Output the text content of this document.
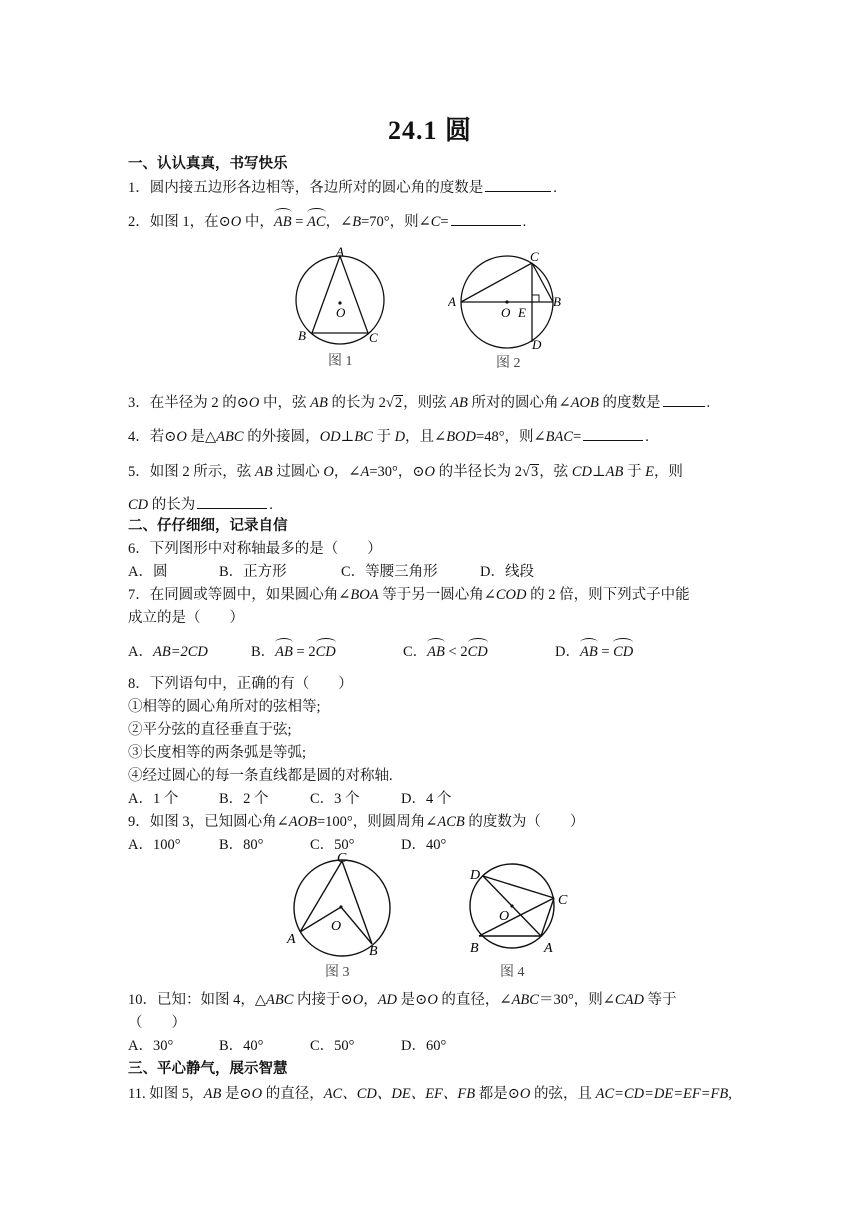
24.1 圆
一、认认真真，书写快乐
1．圆内接五边形各边相等，各边所对的圆心角的度数是	.
2．如图 1，在⊙O 中，AB = AC，∠B=70°，则∠C=	.
A
B	C
O
图 1
A	B
C
D
E
O
图 2
3．在半径为 2 的⊙O 中，弦 AB 的长为 2√2，则弦 AB 所对的圆心角∠AOB 的度数是	.
4．若⊙O 是△ABC 的外接圆，OD⊥BC 于 D，且∠BOD=48°，则∠BAC=	.
5．如图 2 所示，弦 AB 过圆心 O，∠A=30°，⊙O 的半径长为 2√3，弦 CD⊥AB 于 E，则
CD 的长为	.
二、仔仔细细，记录自信
6．下列图形中对称轴最多的是（　　）
A．圆	B．正方形	C．等腰三角形	D．线段
7．在同圆或等圆中，如果圆心角∠BOA 等于另一圆心角∠COD 的 2 倍，则下列式子中能
成立的是（　　）
A．AB=2CD	B．AB = 2CD	C．AB < 2CD	D．AB = CD
8．下列语句中，正确的有（　　）
①相等的圆心角所对的弦相等;
②平分弦的直径垂直于弦;
③长度相等的两条弧是等弧;
④经过圆心的每一条直线都是圆的对称轴.
A．1 个	B．2 个	C．3 个	D．4 个
9．如图 3，已知圆心角∠AOB=100°，则圆周角∠ACB 的度数为（　　）
A．100°	B．80°	C．50°	D．40°
C
A
B
O
图 3
D
C
B	A
O
图 4
10．已知：如图 4，△ABC 内接于⊙O，AD 是⊙O 的直径，∠ABC＝30°，则∠CAD 等于
（　　）
A．30°	B．40°	C．50°	D．60°
三、平心静气，展示智慧
11. 如图 5，AB 是⊙O 的直径，AC、CD、DE、EF、FB 都是⊙O 的弦，且 AC=CD=DE=EF=FB,
